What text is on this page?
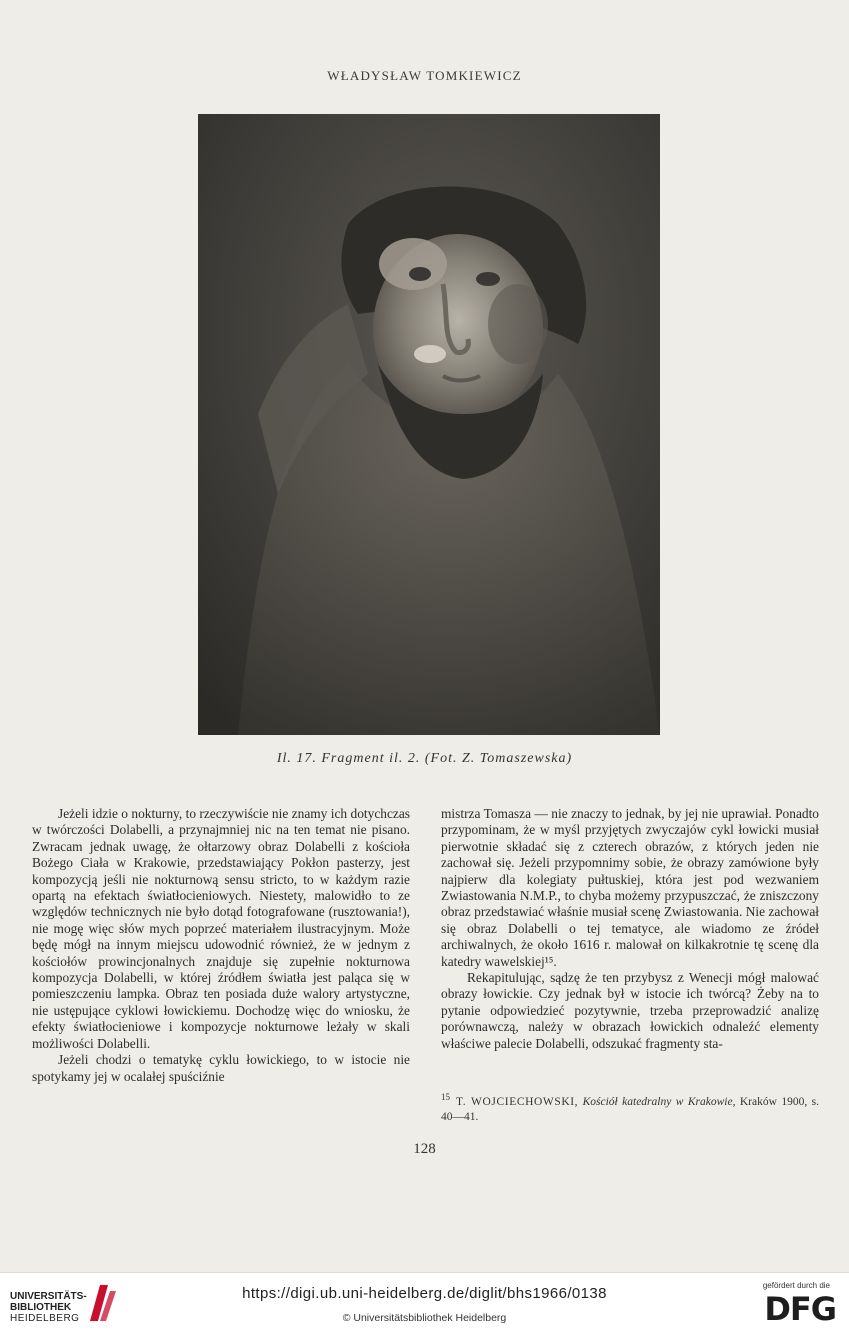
WŁADYSŁAW TOMKIEWICZ
Il. 17. Fragment il. 2. (Fot. Z. Tomaszewska)

Jeżeli idzie o nokturny, to rzeczywiście nie znamy ich dotychczas w twórczości Dolabelli, a przynajmniej nic na ten temat nie pisano. Zwracam jednak uwagę, że ołtarzowy obraz Dolabelli z kościoła Bożego Ciała w Krakowie, przedstawiający Pokłon pasterzy, jest kompozycją jeśli nie nokturnową sensu stricto, to w każdym razie opartą na efektach światłocieniowych. Niestety, malowidło to ze względów technicznych nie było dotąd fotografowane (rusztowania!), nie mogę więc słów mych poprzeć materiałem ilustracyjnym. Może będę mógł na innym miejscu udowodnić również, że w jednym z kościołów prowincjonalnych znajduje się zupełnie nokturnowa kompozycja Dolabelli, w której źródłem światła jest paląca się w pomieszczeniu lampka. Obraz ten posiada duże walory artystyczne, nie ustępujące cyklowi łowickiemu. Dochodzę więc do wniosku, że efekty światłocieniowe i kompozycje nokturnowe leżały w skali możliwości Dolabelli.

Jeżeli chodzi o tematykę cyklu łowickiego, to w istocie nie spotykamy jej w ocalałej spuściźnie

mistrza Tomasza — nie znaczy to jednak, by jej nie uprawiał. Ponadto przypominam, że w myśl przyjętych zwyczajów cykl łowicki musiał pierwotnie składać się z czterech obrazów, z których jeden nie zachował się. Jeżeli przypomnimy sobie, że obrazy zamówione były najpierw dla kolegiaty pułtuskiej, która jest pod wezwaniem Zwiastowania N.M.P., to chyba możemy przypuszczać, że zniszczony obraz przedstawiać właśnie musiał scenę Zwiastowania. Nie zachował się obraz Dolabelli o tej tematyce, ale wiadomo ze źródeł archiwalnych, że około 1616 r. malował on kilkakrotnie tę scenę dla katedry wawelskiej¹⁵.

Rekapitulując, sądzę że ten przybysz z Wenecji mógł malować obrazy łowickie. Czy jednak był w istocie ich twórcą? Żeby na to pytanie odpowiedzieć pozytywnie, trzeba przeprowadzić analizę porównawczą, należy w obrazach łowickich odnaleźć elementy właściwe palecie Dolabelli, odszukać fragmenty sta-

$^{15}$ T. WOJCIECHOWSKI, Kościół katedralny w Krakowie, Kraków 1900, s. 40—41.
128
UNIVERSITÄTS-
BIBLIOTHEK
HEIDELBERG
https://digi.ub.uni-heidelberg.de/diglit/bhs1966/0138
© Universitätsbibliothek Heidelberg
gefördert durch die
DFG
